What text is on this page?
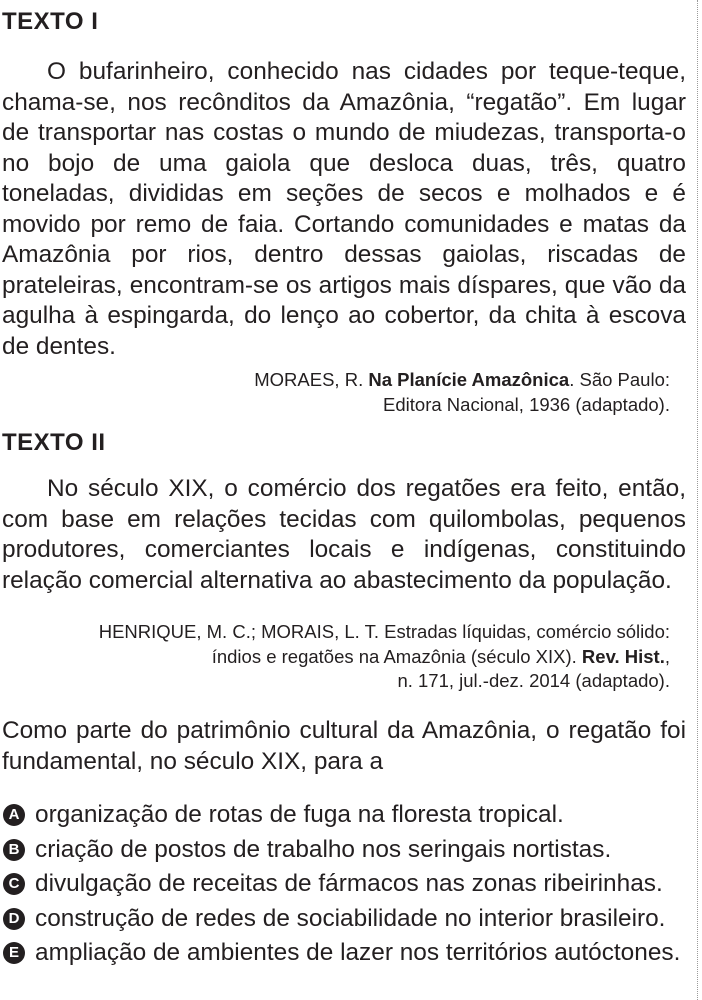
TEXTO I

O bufarinheiro, conhecido nas cidades por teque-teque, chama-se, nos recônditos da Amazônia, “regatão”. Em lugar de transportar nas costas o mundo de miudezas, transporta-o no bojo de uma gaiola que desloca duas, três, quatro toneladas, divididas em seções de secos e molhados e é movido por remo de faia. Cortando comunidades e matas da Amazônia por rios, dentro dessas gaiolas, riscadas de prateleiras, encontram-se os artigos mais díspares, que vão da agulha à espingarda, do lenço ao cobertor, da chita à escova de dentes.

MORAES, R. Na Planície Amazônica. São Paulo:
Editora Nacional, 1936 (adaptado).
TEXTO II

No século XIX, o comércio dos regatões era feito, então, com base em relações tecidas com quilombolas, pequenos produtores, comerciantes locais e indígenas, constituindo relação comercial alternativa ao abastecimento da população.

HENRIQUE, M. C.; MORAIS, L. T. Estradas líquidas, comércio sólido:
índios e regatões na Amazônia (século XIX). Rev. Hist.,
n. 171, jul.-dez. 2014 (adaptado).

Como parte do patrimônio cultural da Amazônia, o regatão foi fundamental, no século XIX, para a

A organização de rotas de fuga na floresta tropical.
B criação de postos de trabalho nos seringais nortistas.
C divulgação de receitas de fármacos nas zonas ribeirinhas.
D construção de redes de sociabilidade no interior brasileiro.
E ampliação de ambientes de lazer nos territórios autóctones.
